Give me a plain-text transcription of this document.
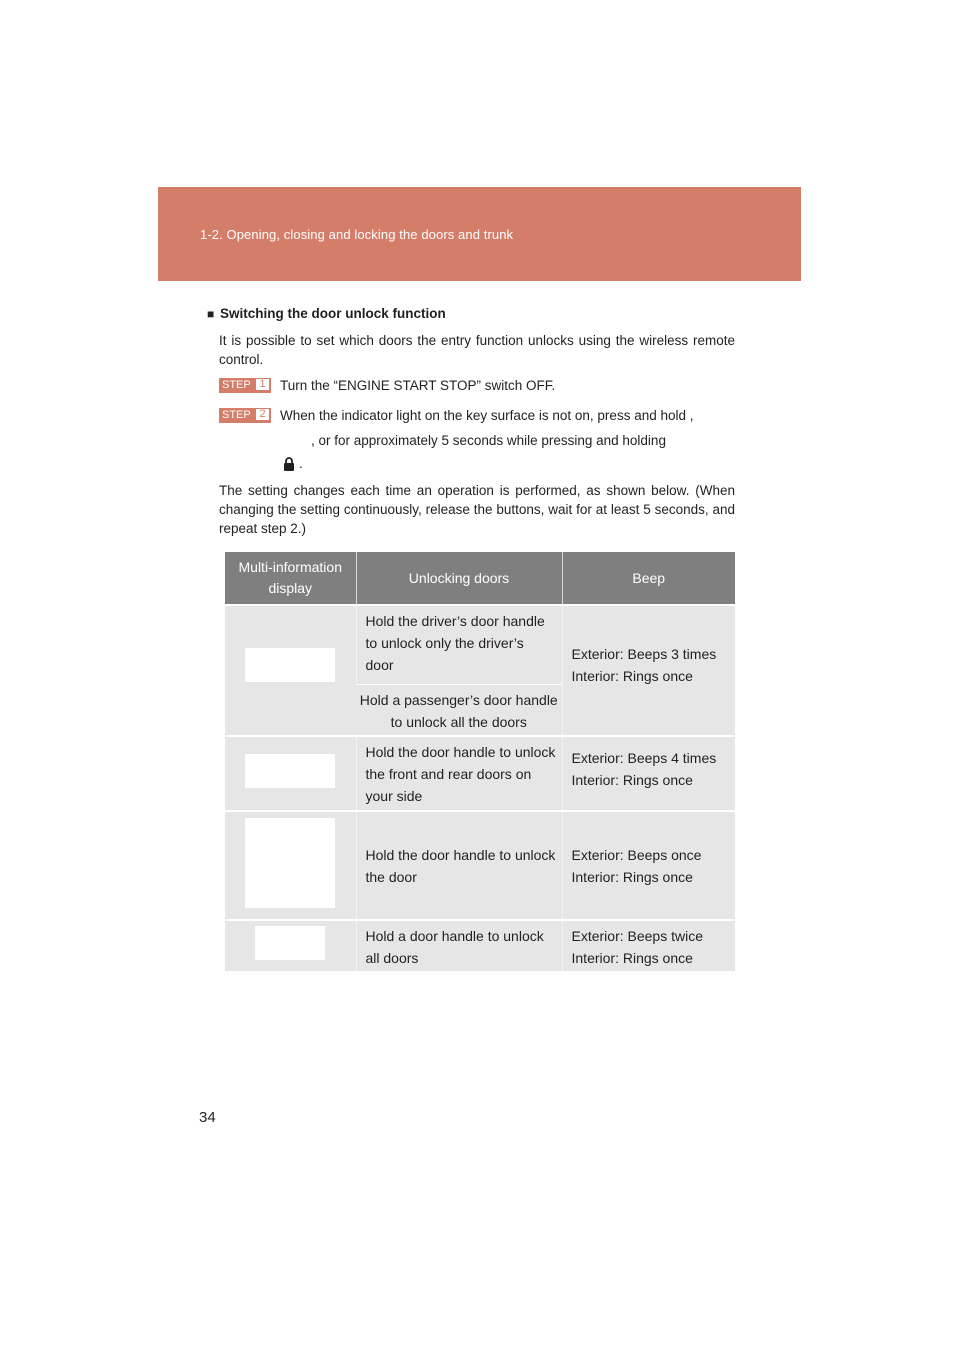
1-2. Opening, closing and locking the doors and trunk
■ Switching the door unlock function
It is possible to set which doors the entry function unlocks using the wireless remote control.
STEP 1 Turn the “ENGINE START STOP” switch OFF.
STEP 2 When the indicator light on the key surface is not on, press and hold ,
, or for approximately 5 seconds while pressing and holding
.
The setting changes each time an operation is performed, as shown below. (When changing the setting continuously, release the buttons, wait for at least 5 seconds, and repeat step 2.)
Multi-information display	Unlocking doors	Beep
	Hold the driver’s door handle to unlock only the driver’s door	Exterior: Beeps 3 times
Interior: Rings once

	Hold a passenger’s door handle to unlock all the doors	
	Hold the door handle to unlock the front and rear doors on your side	Exterior: Beeps 4 times
Interior: Rings once

	Hold the door handle to unlock the door	Exterior: Beeps once
Interior: Rings once

	Hold a door handle to unlock all doors	Exterior: Beeps twice
Interior: Rings once
34
